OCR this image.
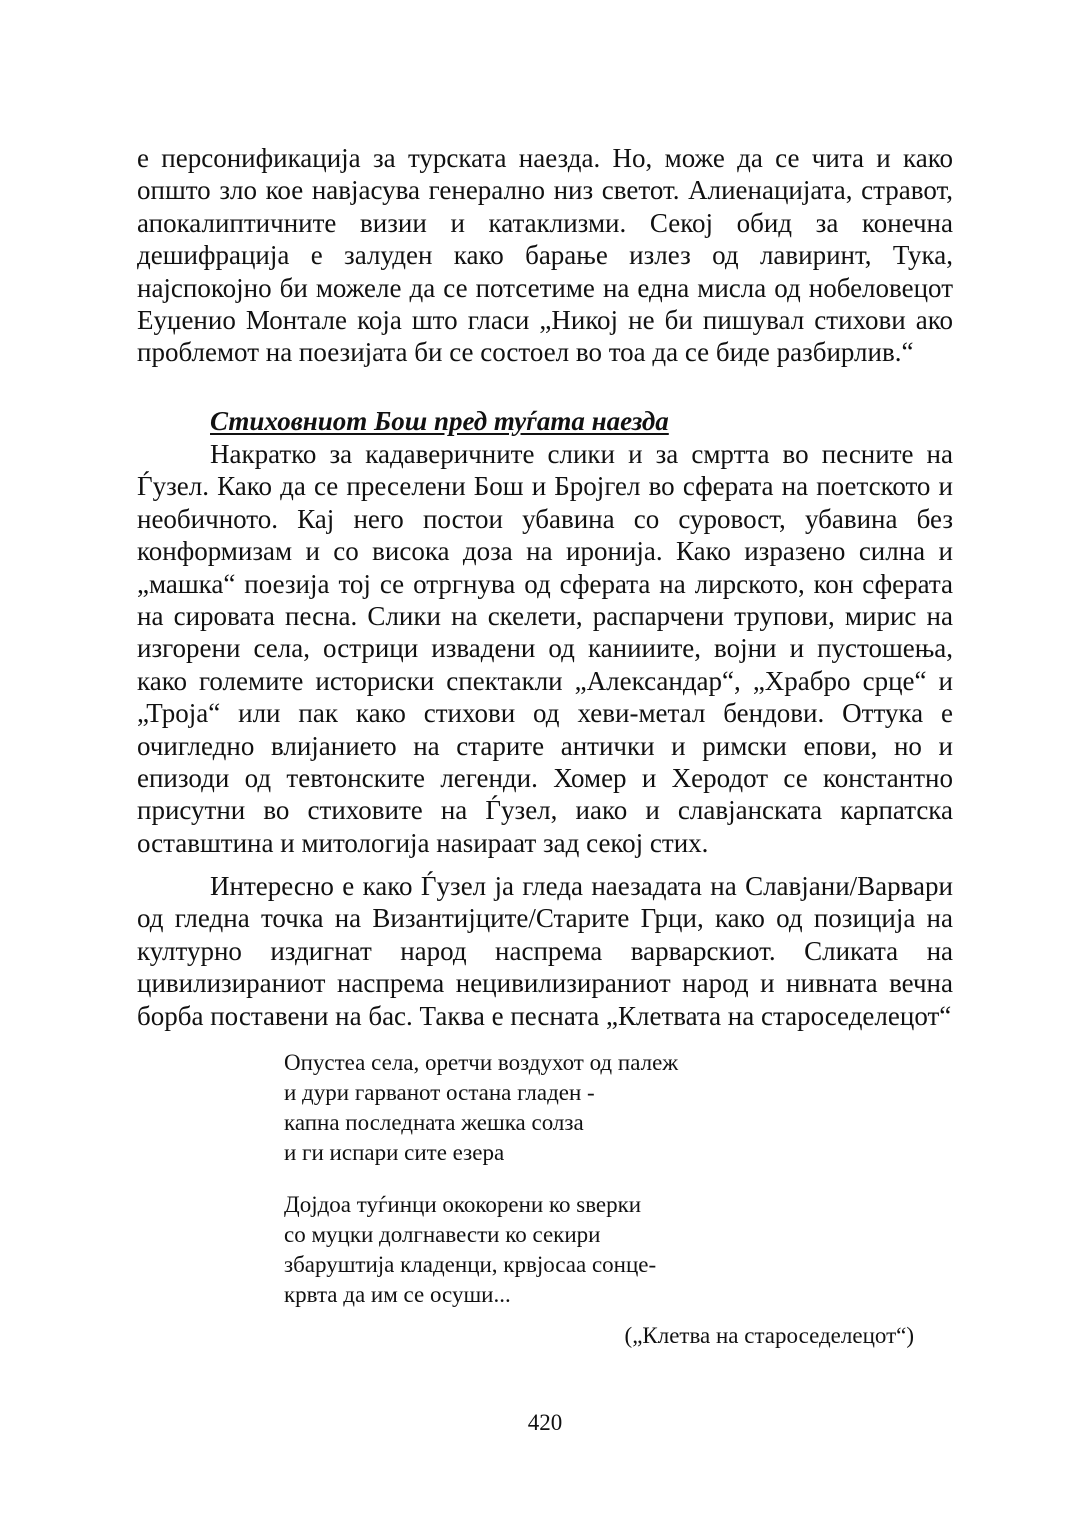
е персонификација за турската наезда. Но, може да се чита и како општо зло кое навјасува генерално низ светот. Алиенацијата, стравот, апокалиптичните визии и катаклизми. Секој обид за конечна дешифрација е залуден како барање излез од лавиринт, Тука, најспокојно би можеле да се потсетиме на една мисла од нобеловецот Еуџенио Монтале која што гласи „Никој не би пишувал стихови ако проблемот на поезијата би се состоел во тоа да се биде разбирлив.“

Стиховниот Бош пред туѓата наезда

Накратко за кадаверичните слики и за смртта во песните на Ѓузел. Како да се преселени Бош и Бројгел во сферата на поетското и необичното. Кај него постои убавина со суровост, убавина без конформизам и со висока доза на иронија. Како изразено силна и „машка“ поезија тој се отргнува од сферата на лирското, кон сферата на сировата песна. Слики на скелети, распарчени трупови, мирис на изгорени села, острици извадени од канииите, војни и пустошења, како големите историски спектакли „Александар“, „Храбро срце“ и „Троја“ или пак како стихови од хеви-метал бендови. Оттука е очигледно влијанието на старите антички и римски епови, но и епизоди од тевтонските легенди. Хомер и Херодот се константно присутни во стиховите на Ѓузел, иако и славјанската карпатска оставштина и митологија наѕираат зад секој стих.

Интересно е како Ѓузел ја гледа наезадата на Славјани/Варвари од гледна точка на Византијците/Старите Грци, како од позиција на културно издигнат народ наспрема варварскиот. Сликата на цивилизираниот наспрема нецивилизираниот народ и нивната вечна борба поставени на бас. Таква е песната „Клетвата на староседелецот“

Опустеа села, оретчи воздухот од палеж
и дури гарванот остана гладен -
капна последната жешка солза
и ги испари сите езера
Дојдоа туѓинци ококорени ко ѕверки
со муцки долгнавести ко секири
збаруштија кладенци, крвјосаа сонце-
крвта да им се осуши...
(„Клетва на староседелецот“)
420
